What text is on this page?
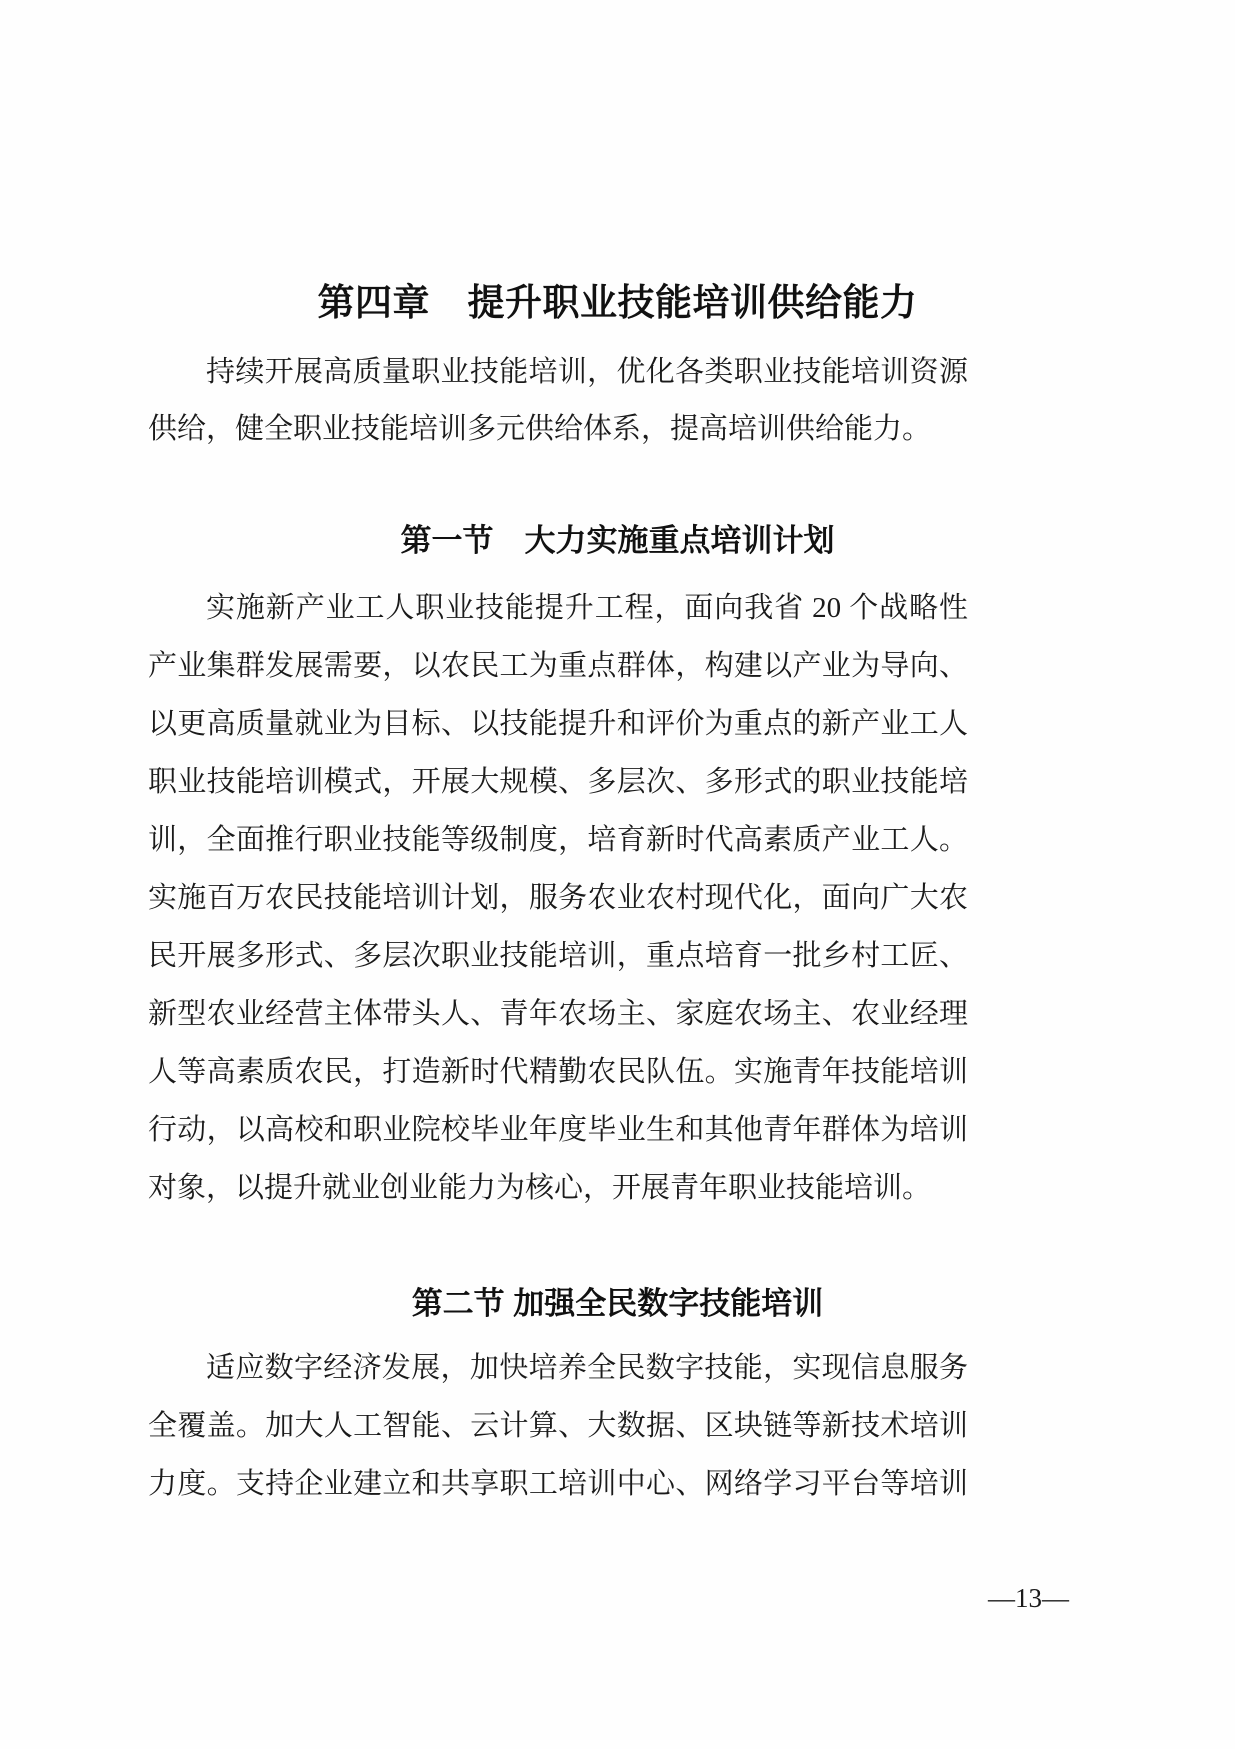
第四章　提升职业技能培训供给能力
持续开展高质量职业技能培训，优化各类职业技能培训资源
供给，健全职业技能培训多元供给体系，提高培训供给能力。
第一节　大力实施重点培训计划
实施新产业工人职业技能提升工程，面向我省 20 个战略性
产业集群发展需要，以农民工为重点群体，构建以产业为导向、
以更高质量就业为目标、以技能提升和评价为重点的新产业工人
职业技能培训模式，开展大规模、多层次、多形式的职业技能培
训，全面推行职业技能等级制度，培育新时代高素质产业工人。
实施百万农民技能培训计划，服务农业农村现代化，面向广大农
民开展多形式、多层次职业技能培训，重点培育一批乡村工匠、
新型农业经营主体带头人、青年农场主、家庭农场主、农业经理
人等高素质农民，打造新时代精勤农民队伍。实施青年技能培训
行动，以高校和职业院校毕业年度毕业生和其他青年群体为培训
对象，以提升就业创业能力为核心，开展青年职业技能培训。
第二节 加强全民数字技能培训
适应数字经济发展，加快培养全民数字技能，实现信息服务
全覆盖。加大人工智能、云计算、大数据、区块链等新技术培训
力度。支持企业建立和共享职工培训中心、网络学习平台等培训
—13—
